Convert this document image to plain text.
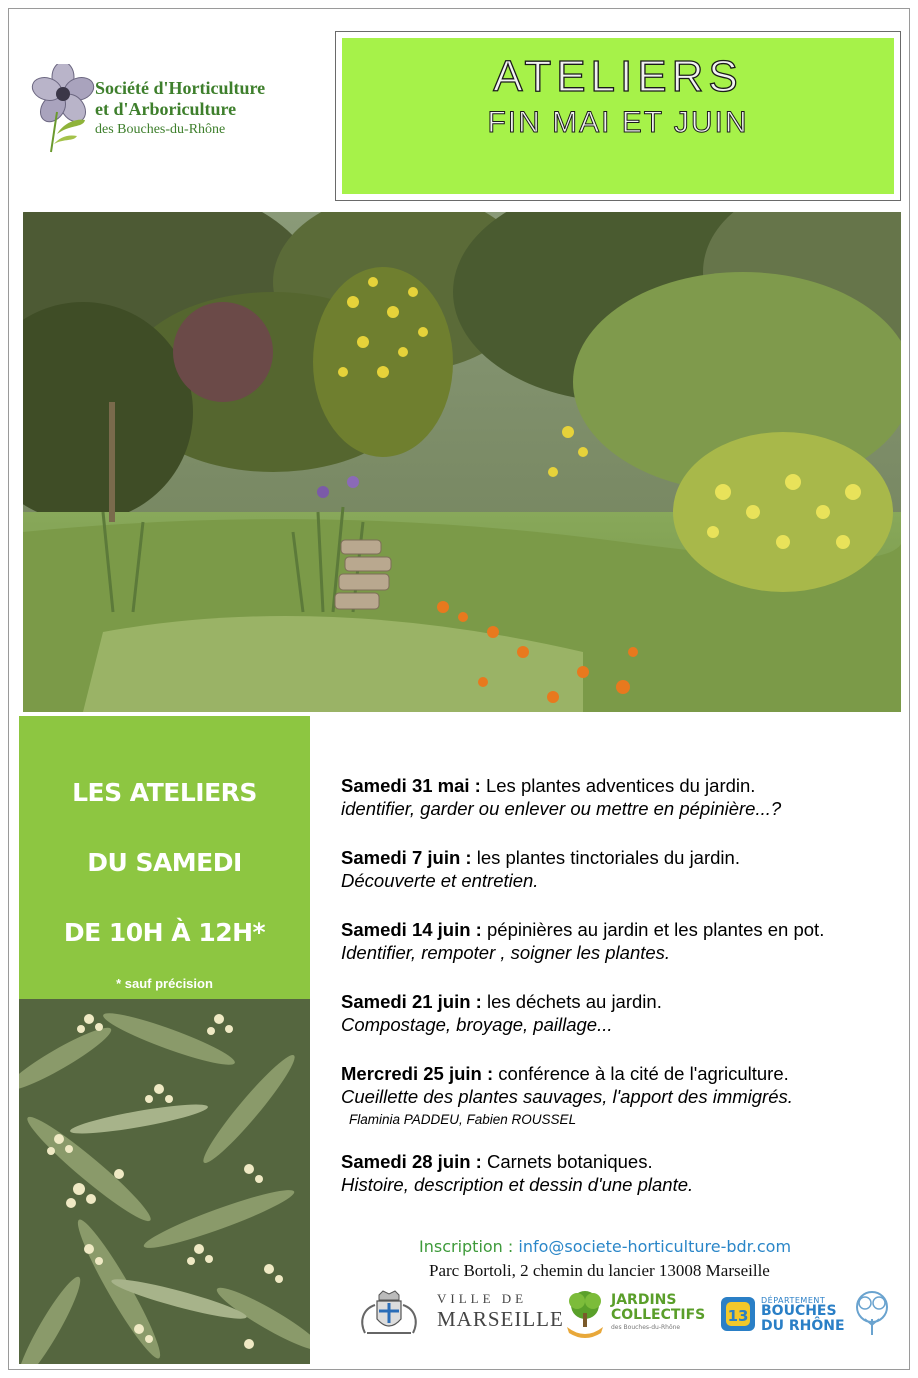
Société d'Horticulture
et d'Arboriculture
des Bouches-du-Rhône
ATELIERS
FIN MAI ET JUIN
LES ATELIERS
DU SAMEDI
DE 10H À 12H*
* sauf précision
Samedi 31 mai : Les plantes adventices du jardin.
identifier, garder ou enlever ou mettre en pépinière...?
Samedi 7 juin : les plantes tinctoriales du jardin.
Découverte et entretien.
Samedi 14 juin : pépinières au jardin et les plantes en pot.
Identifier, rempoter , soigner les plantes.
Samedi 21 juin : les déchets au jardin.
Compostage, broyage, paillage...
Mercredi 25 juin : conférence à la cité de l'agriculture.
Cueillette des plantes sauvages, l'apport des immigrés.
Flaminia PADDEU, Fabien ROUSSEL
Samedi 28 juin : Carnets botaniques.
Histoire, description et dessin d'une plante.
Inscription : info@societe-horticulture-bdr.com
Parc Bortoli, 2 chemin du lancier 13008 Marseille
VILLE DE
MARSEILLE
JARDINS
COLLECTIFS
des Bouches-du-Rhône
13
DÉPARTEMENT
BOUCHES
DU RHÔNE
